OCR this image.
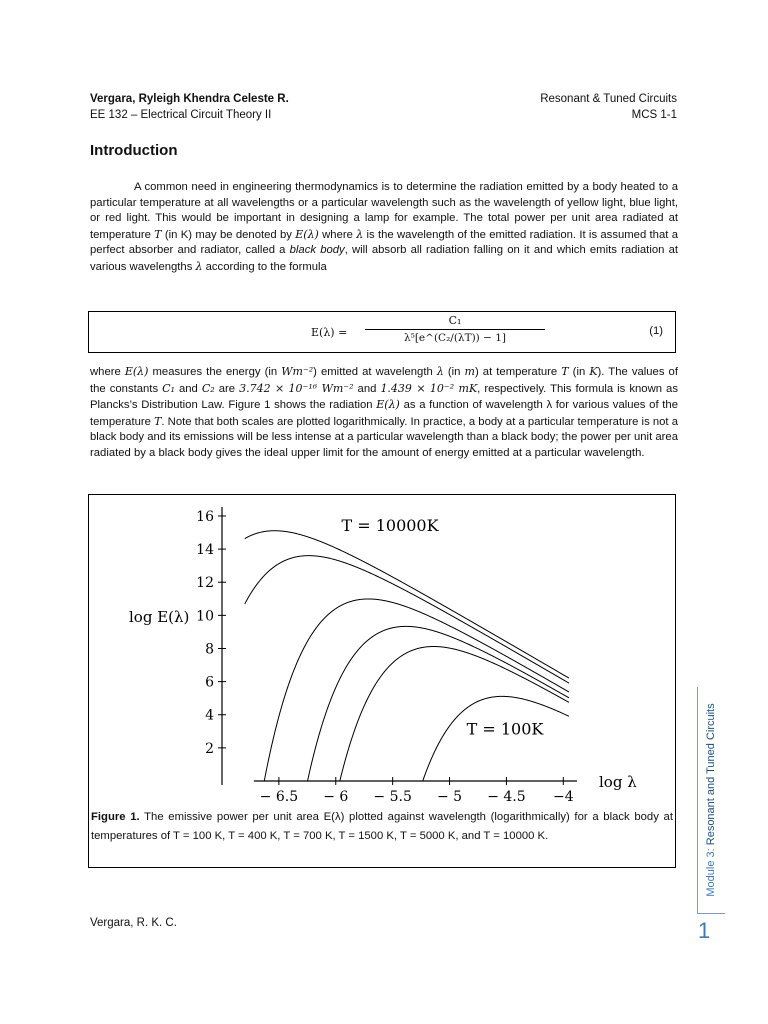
Vergara, Ryleigh Khendra Celeste R.
EE 132 – Electrical Circuit Theory II
Resonant & Tuned Circuits
MCS 1-1
Introduction
A common need in engineering thermodynamics is to determine the radiation emitted by a body heated to a particular temperature at all wavelengths or a particular wavelength such as the wavelength of yellow light, blue light, or red light. This would be important in designing a lamp for example. The total power per unit area radiated at temperature T (in K) may be denoted by E(λ) where λ is the wavelength of the emitted radiation. It is assumed that a perfect absorber and radiator, called a black body, will absorb all radiation falling on it and which emits radiation at various wavelengths λ according to the formula
E(λ) =
C₁
λ⁵[e^(C₂/(λT)) − 1]
(1)
where E(λ) measures the energy (in Wm⁻²) emitted at wavelength λ (in m) at temperature T (in K). The values of the constants C₁ and C₂ are 3.742 × 10⁻¹⁶ Wm⁻² and 1.439 × 10⁻² mK, respectively. This formula is known as Plancks’s Distribution Law. Figure 1 shows the radiation E(λ) as a function of wavelength λ for various values of the temperature T. Note that both scales are plotted logarithmically. In practice, a body at a particular temperature is not a black body and its emissions will be less intense at a particular wavelength than a black body; the power per unit area radiated by a black body gives the ideal upper limit for the amount of energy emitted at a particular wavelength.
− 6.5 − 6 − 5.5 − 5 − 4.5 −4
2
4
6
8
10
12
14
16
log E(λ)
log λ
T = 10000K
T = 100K
Figure 1. The emissive power per unit area E(λ) plotted against wavelength (logarithmically) for a black body at temperatures of T = 100 K, T = 400 K, T = 700 K, T = 1500 K, T = 5000 K, and T = 10000 K.
Vergara, R. K. C.
Module 3: Resonant and Tuned Circuits
1
